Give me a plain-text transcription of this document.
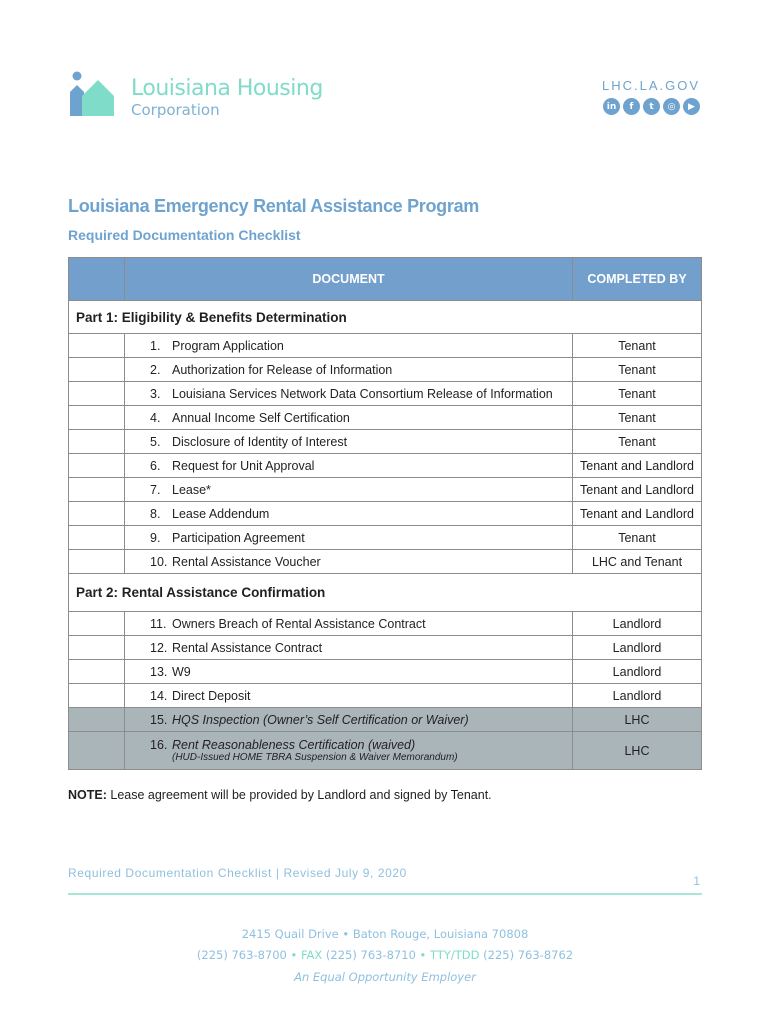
Louisiana Housing
Corporation
LHC.LA.GOV
in	f	t	◎	▶
Louisiana Emergency Rental Assistance Program
Required Documentation Checklist
	DOCUMENT	COMPLETED BY
Part 1: Eligibility & Benefits Determination		
	1. Program Application	Tenant
	2. Authorization for Release of Information	Tenant
	3. Louisiana Services Network Data Consortium Release of Information	Tenant
	4. Annual Income Self Certification	Tenant
	5. Disclosure of Identity of Interest	Tenant
	6. Request for Unit Approval	Tenant and Landlord
	7. Lease*	Tenant and Landlord
	8. Lease Addendum	Tenant and Landlord
	9. Participation Agreement	Tenant
	10. Rental Assistance Voucher	LHC and Tenant
Part 2: Rental Assistance Confirmation		
	11. Owners Breach of Rental Assistance Contract	Landlord
	12. Rental Assistance Contract	Landlord
	13. W9	Landlord
	14. Direct Deposit	Landlord
	15. HQS Inspection (Owner’s Self Certification or Waiver)	LHC
	16. Rent Reasonableness Certification (waived)
(HUD-Issued HOME TBRA Suspension & Waiver Memorandum)	LHC
NOTE: Lease agreement will be provided by Landlord and signed by Tenant.
Required Documentation Checklist | Revised July 9, 2020
1
2415 Quail Drive • Baton Rouge, Louisiana 70808
(225) 763-8700 • FAX (225) 763-8710 • TTY/TDD (225) 763-8762
An Equal Opportunity Employer
